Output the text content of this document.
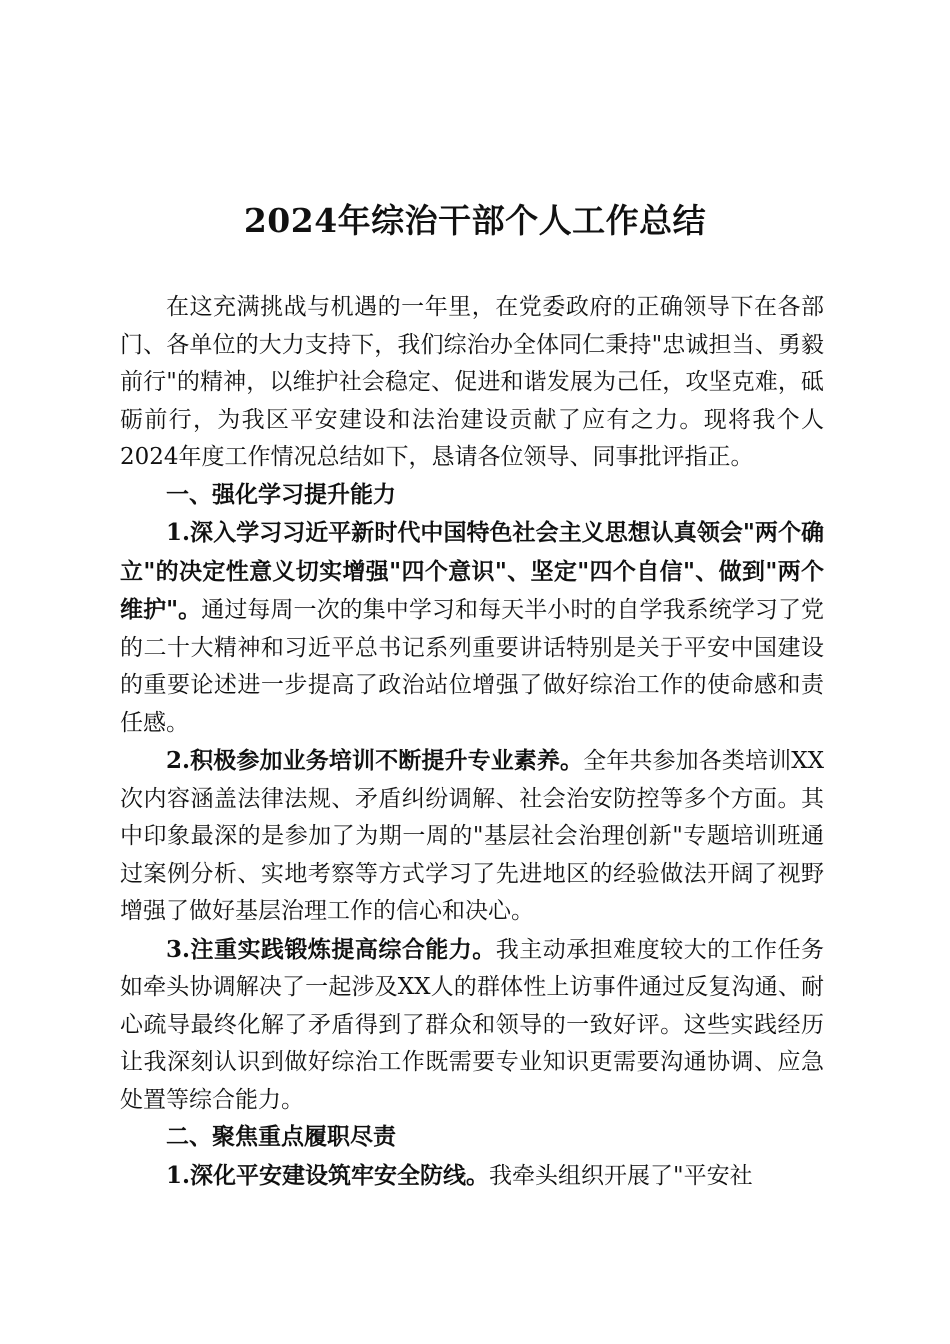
2024年综治干部个人工作总结

在这充满挑战与机遇的一年里，在党委政府的正确领导下在各部门、各单位的大力支持下，我们综治办全体同仁秉持"忠诚担当、勇毅前行"的精神，以维护社会稳定、促进和谐发展为己任，攻坚克难，砥砺前行，为我区平安建设和法治建设贡献了应有之力。现将我个人2024年度工作情况总结如下，恳请各位领导、同事批评指正。

一、强化学习提升能力

1.深入学习习近平新时代中国特色社会主义思想认真领会"两个确立"的决定性意义切实增强"四个意识"、坚定"四个自信"、做到"两个维护"。通过每周一次的集中学习和每天半小时的自学我系统学习了党的二十大精神和习近平总书记系列重要讲话特别是关于平安中国建设的重要论述进一步提高了政治站位增强了做好综治工作的使命感和责任感。

2.积极参加业务培训不断提升专业素养。全年共参加各类培训XX次内容涵盖法律法规、矛盾纠纷调解、社会治安防控等多个方面。其中印象最深的是参加了为期一周的"基层社会治理创新"专题培训班通过案例分析、实地考察等方式学习了先进地区的经验做法开阔了视野增强了做好基层治理工作的信心和决心。

3.注重实践锻炼提高综合能力。我主动承担难度较大的工作任务如牵头协调解决了一起涉及XX人的群体性上访事件通过反复沟通、耐心疏导最终化解了矛盾得到了群众和领导的一致好评。这些实践经历让我深刻认识到做好综治工作既需要专业知识更需要沟通协调、应急处置等综合能力。

二、聚焦重点履职尽责

1.深化平安建设筑牢安全防线。我牵头组织开展了"平安社
